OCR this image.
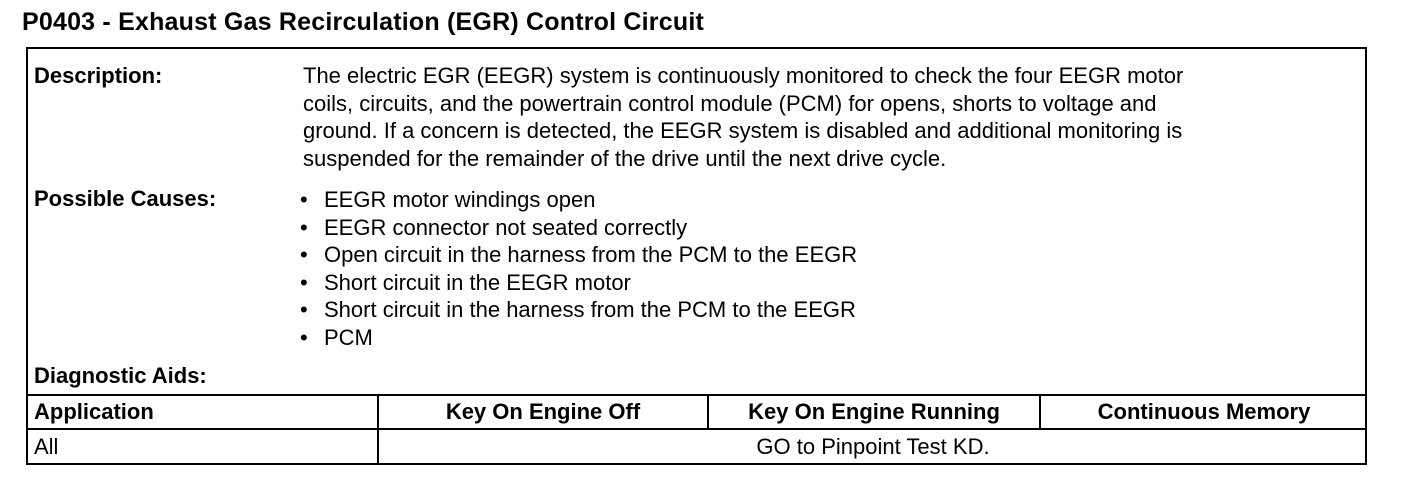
P0403 - Exhaust Gas Recirculation (EGR) Control Circuit
Description:	The electric EGR (EEGR) system is continuously monitored to check the four EEGR motor
coils, circuits, and the powertrain control module (PCM) for opens, shorts to voltage and
ground. If a concern is detected, the EEGR system is disabled and additional monitoring is
suspended for the remainder of the drive until the next drive cycle.
Possible Causes:	• EEGR motor windings open
• EEGR connector not seated correctly
• Open circuit in the harness from the PCM to the EEGR
• Short circuit in the EEGR motor
• Short circuit in the harness from the PCM to the EEGR
• PCM
Diagnostic Aids:
Application	Key On Engine Off	Key On Engine Running	Continuous Memory
All	GO to Pinpoint Test KD.		
